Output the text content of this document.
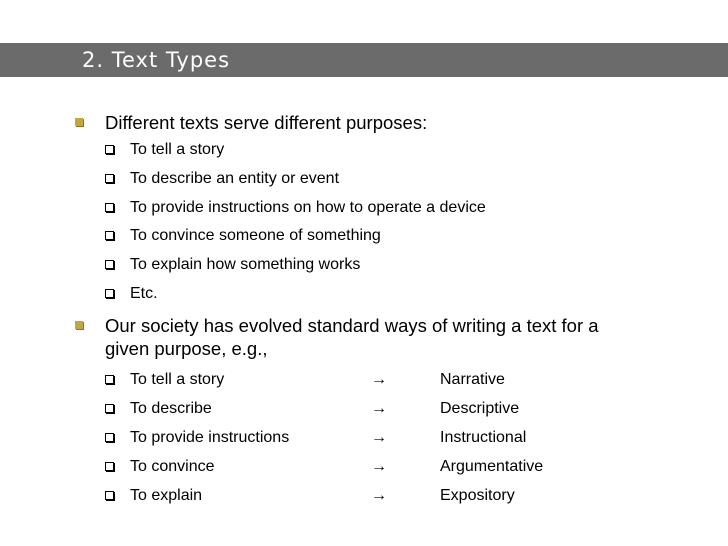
2. Text Types
Different texts serve different purposes:
To tell a story
To describe an entity or event
To provide instructions on how to operate a device
To convince someone of something
To explain how something works
Etc.
Our society has evolved standard ways of writing a text for a
given purpose, e.g.,
To tell a story	→	Narrative
To describe	→	Descriptive
To provide instructions	→	Instructional
To convince	→	Argumentative
To explain	→	Expository
